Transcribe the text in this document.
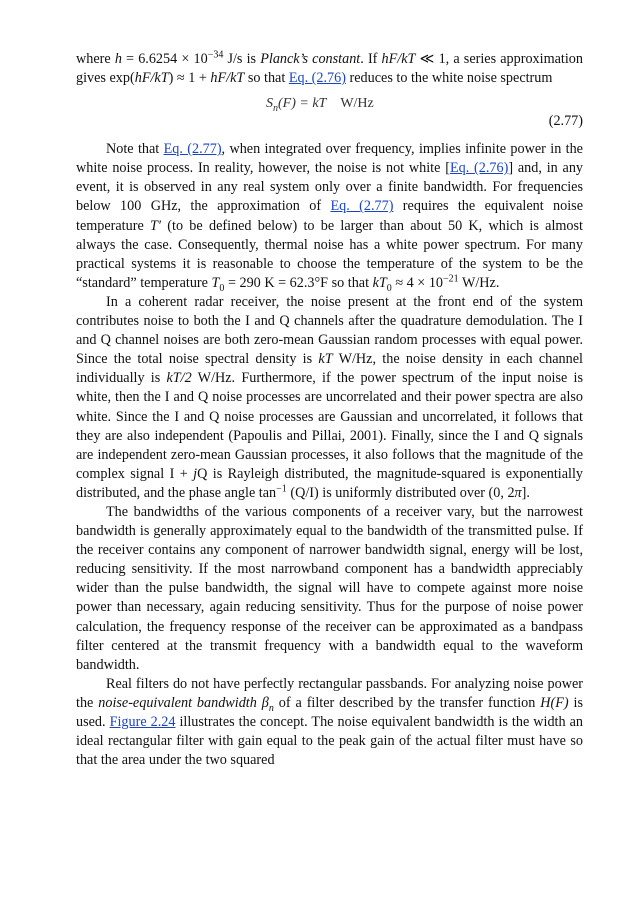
where $h = 6.6254 \times 10^{-34}$ J/s is Planck’s constant. If hF/kT ≪ 1, a series approximation gives exp(hF/kT) ≈ 1 + hF/kT so that Eq. (2.76) reduces to the white noise spectrum

$S_n(F)$ = kT W/Hz
(2.77)

Note that Eq. (2.77), when integrated over frequency, implies infinite power in the white noise process. In reality, however, the noise is not white [Eq. (2.76)] and, in any event, it is observed in any real system only over a finite bandwidth. For frequencies below 100 GHz, the approximation of Eq. (2.77) requires the equivalent noise temperature T′ (to be defined below) to be larger than about 50 K, which is almost always the case. Consequently, thermal noise has a white power spectrum. For many practical systems it is reasonable to choose the temperature of the system to be the “standard” temperature $T_0 = 290$ K = 62.3°F so that $kT_0 \approx 4 \times 10^{-21}$ W/Hz.

In a coherent radar receiver, the noise present at the front end of the system contributes noise to both the I and Q channels after the quadrature demodulation. The I and Q channel noises are both zero-mean Gaussian random processes with equal power. Since the total noise spectral density is kT W/Hz, the noise density in each channel individually is kT/2 W/Hz. Furthermore, if the power spectrum of the input noise is white, then the I and Q noise processes are uncorrelated and their power spectra are also white. Since the I and Q noise processes are Gaussian and uncorrelated, it follows that they are also independent (Papoulis and Pillai, 2001). Finally, since the I and Q signals are independent zero-mean Gaussian processes, it also follows that the magnitude of the complex signal I + jQ is Rayleigh distributed, the magnitude-squared is exponentially distributed, and the phase angle $\tan^{-1} (Q/I)$ is uniformly distributed over (0, 2π].

The bandwidths of the various components of a receiver vary, but the narrowest bandwidth is generally approximately equal to the bandwidth of the transmitted pulse. If the receiver contains any component of narrower bandwidth signal, energy will be lost, reducing sensitivity. If the most narrowband component has a bandwidth appreciably wider than the pulse bandwidth, the signal will have to compete against more noise power than necessary, again reducing sensitivity. Thus for the purpose of noise power calculation, the frequency response of the receiver can be approximated as a bandpass filter centered at the transmit frequency with a bandwidth equal to the waveform bandwidth.

Real filters do not have perfectly rectangular passbands. For analyzing noise power the noise-equivalent bandwidth $\beta_n$ of a filter described by the transfer function H(F) is used. Figure 2.24 illustrates the concept. The noise equivalent bandwidth is the width an ideal rectangular filter with gain equal to the peak gain of the actual filter must have so that the area under the two squared
